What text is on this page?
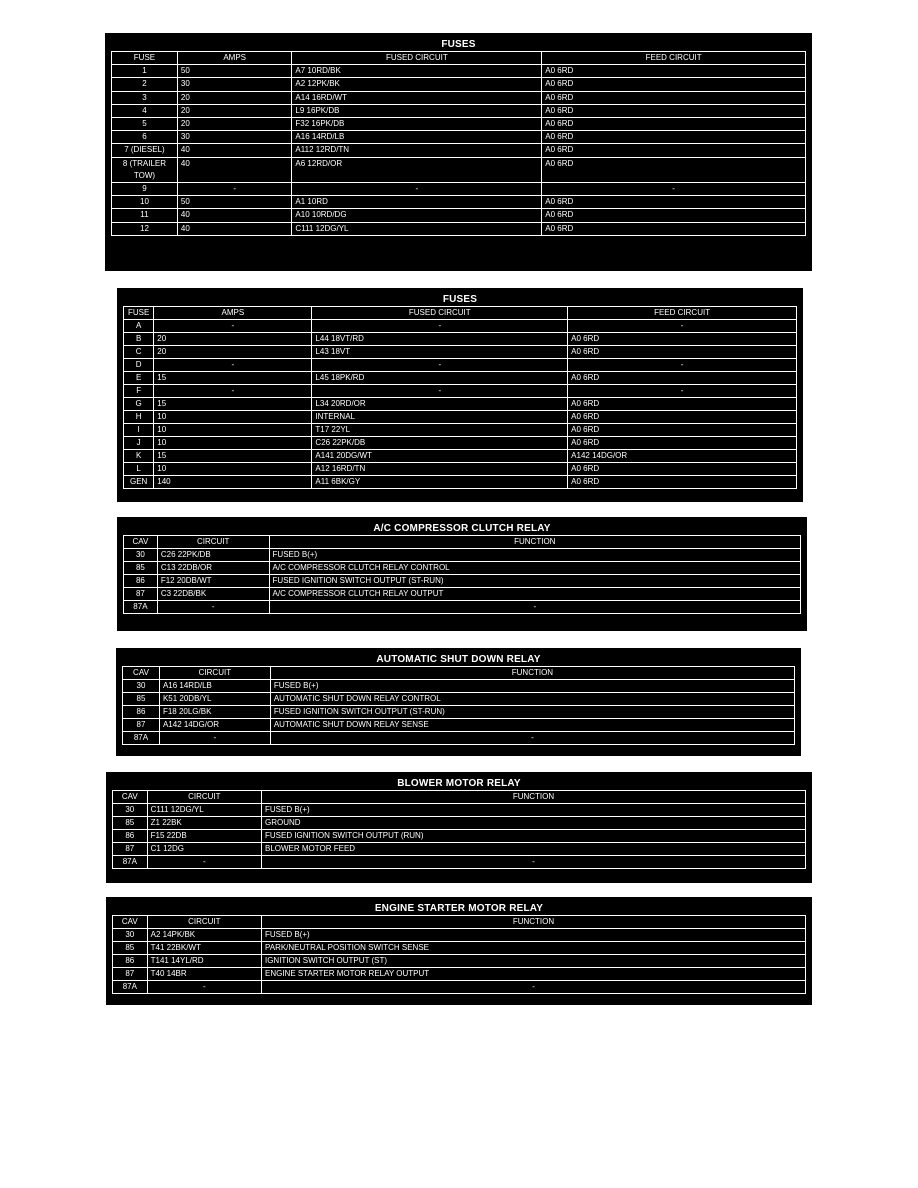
FUSES
FUSE	AMPS	FUSED CIRCUIT	FEED CIRCUIT
1	50	A7 10RD/BK	A0 6RD
2	30	A2 12PK/BK	A0 6RD
3	20	A14 16RD/WT	A0 6RD
4	20	L9 16PK/DB	A0 6RD
5	20	F32 16PK/DB	A0 6RD
6	30	A16 14RD/LB	A0 6RD
7 (DIESEL)	40	A112 12RD/TN	A0 6RD
8 (TRAILER TOW)	40	A6 12RD/OR	A0 6RD
9	-	-	-
10	50	A1 10RD	A0 6RD
11	40	A10 10RD/DG	A0 6RD
12	40	C111 12DG/YL	A0 6RD
FUSES
FUSE	AMPS	FUSED CIRCUIT	FEED CIRCUIT
A	-	-	-
B	20	L44 18VT/RD	A0 6RD
C	20	L43 18VT	A0 6RD
D	-	-	-
E	15	L45 18PK/RD	A0 6RD
F	-	-	-
G	15	L34 20RD/OR	A0 6RD
H	10	INTERNAL	A0 6RD
I	10	T17 22YL	A0 6RD
J	10	C26 22PK/DB	A0 6RD
K	15	A141 20DG/WT	A142 14DG/OR
L	10	A12 16RD/TN	A0 6RD
GEN	140	A11 6BK/GY	A0 6RD
A/C COMPRESSOR CLUTCH RELAY
CAV	CIRCUIT	FUNCTION
30	C26 22PK/DB	FUSED B(+)
85	C13 22DB/OR	A/C COMPRESSOR CLUTCH RELAY CONTROL
86	F12 20DB/WT	FUSED IGNITION SWITCH OUTPUT (ST-RUN)
87	C3 22DB/BK	A/C COMPRESSOR CLUTCH RELAY OUTPUT
87A	-	-
AUTOMATIC SHUT DOWN RELAY
CAV	CIRCUIT	FUNCTION
30	A16 14RD/LB	FUSED B(+)
85	K51 20DB/YL	AUTOMATIC SHUT DOWN RELAY CONTROL
86	F18 20LG/BK	FUSED IGNITION SWITCH OUTPUT (ST-RUN)
87	A142 14DG/OR	AUTOMATIC SHUT DOWN RELAY SENSE
87A	-	-
BLOWER MOTOR RELAY
CAV	CIRCUIT	FUNCTION
30	C111 12DG/YL	FUSED B(+)
85	Z1 22BK	GROUND
86	F15 22DB	FUSED IGNITION SWITCH OUTPUT (RUN)
87	C1 12DG	BLOWER MOTOR FEED
87A	-	-
ENGINE STARTER MOTOR RELAY
CAV	CIRCUIT	FUNCTION
30	A2 14PK/BK	FUSED B(+)
85	T41 22BK/WT	PARK/NEUTRAL POSITION SWITCH SENSE
86	T141 14YL/RD	IGNITION SWITCH OUTPUT (ST)
87	T40 14BR	ENGINE STARTER MOTOR RELAY OUTPUT
87A	-	-
